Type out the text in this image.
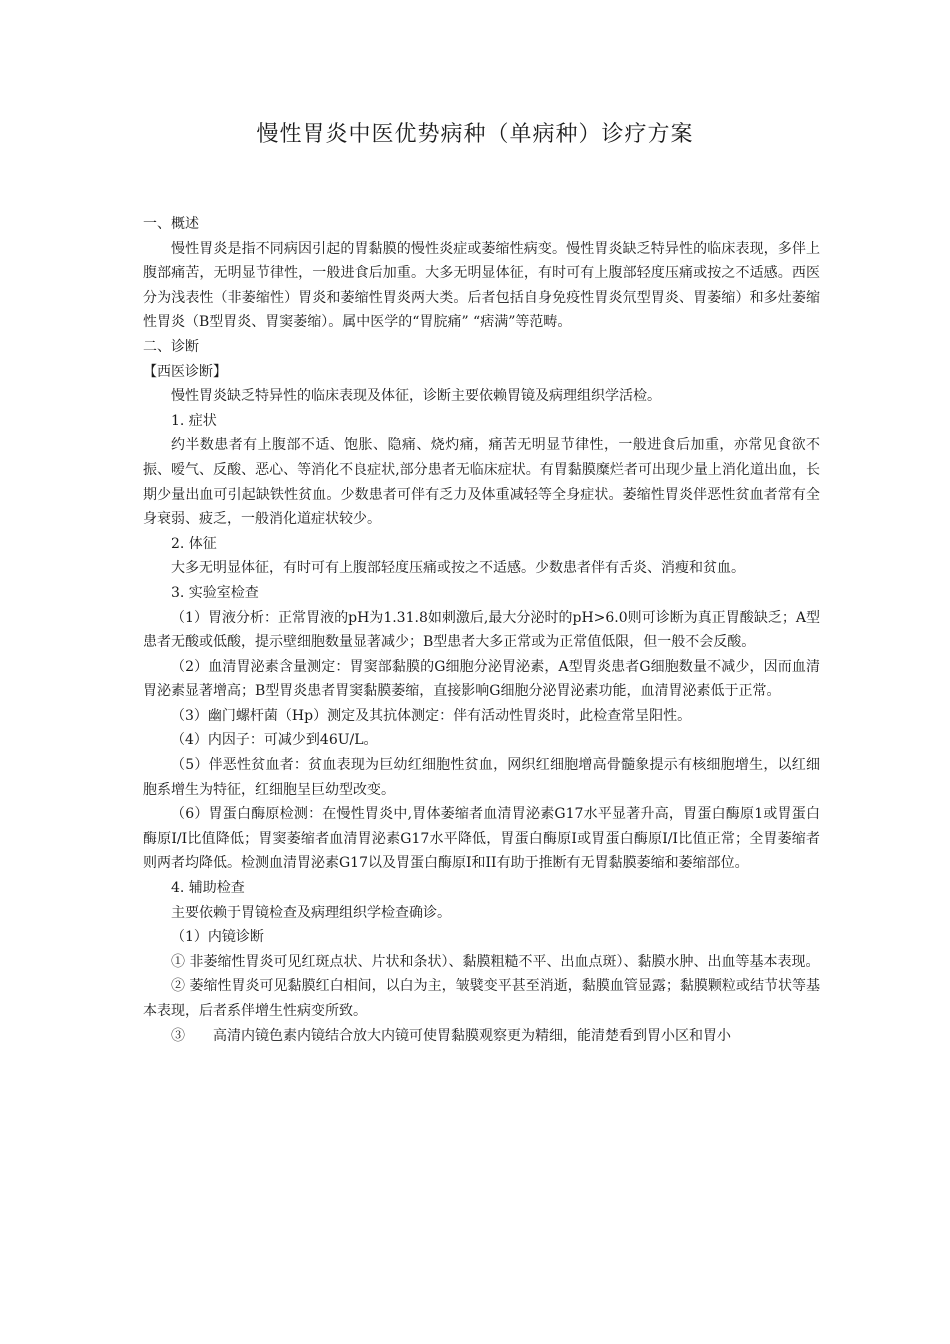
慢性胃炎中医优势病种（单病种）诊疗方案

一、概述

慢性胃炎是指不同病因引起的胃黏膜的慢性炎症或萎缩性病变。慢性胃炎缺乏特异性的临床表现，多伴上腹部痛苦，无明显节律性，一般进食后加重。大多无明显体征，有时可有上腹部轻度压痛或按之不适感。西医分为浅表性（非萎缩性）胃炎和萎缩性胃炎两大类。后者包括自身免疫性胃炎氘型胃炎、胃萎缩）和多灶萎缩性胃炎（B型胃炎、胃窦萎缩）。属中医学的“胃脘痛” “痞满”等范畴。

二、诊断

【西医诊断】

慢性胃炎缺乏特异性的临床表现及体征，诊断主要依赖胃镜及病理组织学活检。

1. 症状

约半数患者有上腹部不适、饱胀、隐痛、烧灼痛，痛苦无明显节律性，一般进食后加重，亦常见食欲不振、嗳气、反酸、恶心、等消化不良症状,部分患者无临床症状。有胃黏膜糜烂者可出现少量上消化道出血，长期少量出血可引起缺铁性贫血。少数患者可伴有乏力及体重减轻等全身症状。萎缩性胃炎伴恶性贫血者常有全身衰弱、疲乏，一般消化道症状较少。

2. 体征

大多无明显体征，有时可有上腹部轻度压痛或按之不适感。少数患者伴有舌炎、消瘦和贫血。

3. 实验室检查

（1）胃液分析：正常胃液的pH为1.31.8如刺激后,最大分泌时的pH>6.0则可诊断为真正胃酸缺乏；A型患者无酸或低酸，提示壁细胞数量显著减少；B型患者大多正常或为正常值低限，但一般不会反酸。

（2）血清胃泌素含量测定：胃窦部黏膜的G细胞分泌胃泌素，A型胃炎患者G细胞数量不减少，因而血清胃泌素显著增高；B型胃炎患者胃窦黏膜萎缩，直接影响G细胞分泌胃泌素功能，血清胃泌素低于正常。

（3）幽门螺杆菌（Hp）测定及其抗体测定：伴有活动性胃炎时，此检查常呈阳性。

（4）内因子：可减少到46U/L。

（5）伴恶性贫血者：贫血表现为巨幼红细胞性贫血，网织红细胞增高骨髓象提示有核细胞增生，以红细胞系增生为特征，红细胞呈巨幼型改变。

（6）胃蛋白酶原检测：在慢性胃炎中,胃体萎缩者血清胃泌素G17水平显著升高，胃蛋白酶原1或胃蛋白酶原I/I比值降低；胃窦萎缩者血清胃泌素G17水平降低，胃蛋白酶原Ⅰ或胃蛋白酶原I/I比值正常；全胃萎缩者则两者均降低。检测血清胃泌素G17以及胃蛋白酶原Ⅰ和II有助于推断有无胃黏膜萎缩和萎缩部位。

4. 辅助检查

主要依赖于胃镜检查及病理组织学检查确诊。

（1）内镜诊断

① 非萎缩性胃炎可见红斑点状、片状和条状）、黏膜粗糙不平、出血点斑）、黏膜水肿、出血等基本表现。

② 萎缩性胃炎可见黏膜红白相间，以白为主，皱襞变平甚至消逝，黏膜血管显露；黏膜颗粒或结节状等基本表现，后者系伴增生性病变所致。

③　　高清内镜色素内镜结合放大内镜可使胃黏膜观察更为精细，能清楚看到胃小区和胃小
